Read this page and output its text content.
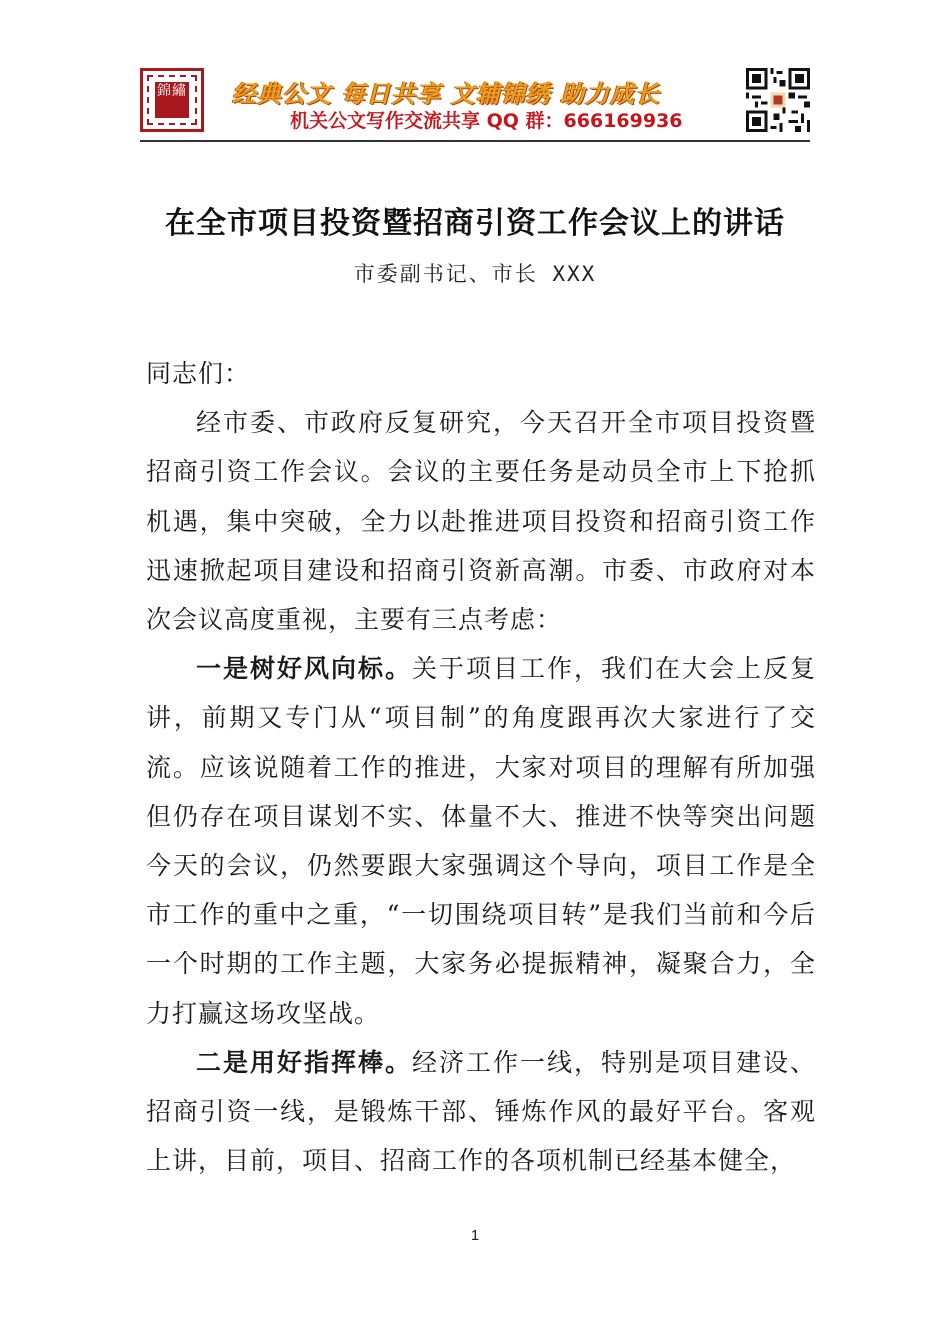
錦繡 经典公文 每日共享 文辅锦绣 助力成长
机关公文写作交流共享 QQ 群：666169936
在全市项目投资暨招商引资工作会议上的讲话
市委副书记、市长 XXX

同志们：

经市委、市政府反复研究，今天召开全市项目投资暨招商引资工作会议。会议的主要任务是动员全市上下抢抓机遇，集中突破，全力以赴推进项目投资和招商引资工作迅速掀起项目建设和招商引资新高潮。市委、市政府对本次会议高度重视，主要有三点考虑：

一是树好风向标。关于项目工作，我们在大会上反复讲，前期又专门从“项目制”的角度跟再次大家进行了交流。应该说随着工作的推进，大家对项目的理解有所加强但仍存在项目谋划不实、体量不大、推进不快等突出问题今天的会议，仍然要跟大家强调这个导向，项目工作是全市工作的重中之重，“一切围绕项目转”是我们当前和今后一个时期的工作主题，大家务必提振精神，凝聚合力，全力打赢这场攻坚战。

二是用好指挥棒。经济工作一线，特别是项目建设、招商引资一线，是锻炼干部、锤炼作风的最好平台。客观上讲，目前，项目、招商工作的各项机制已经基本健全，

1
